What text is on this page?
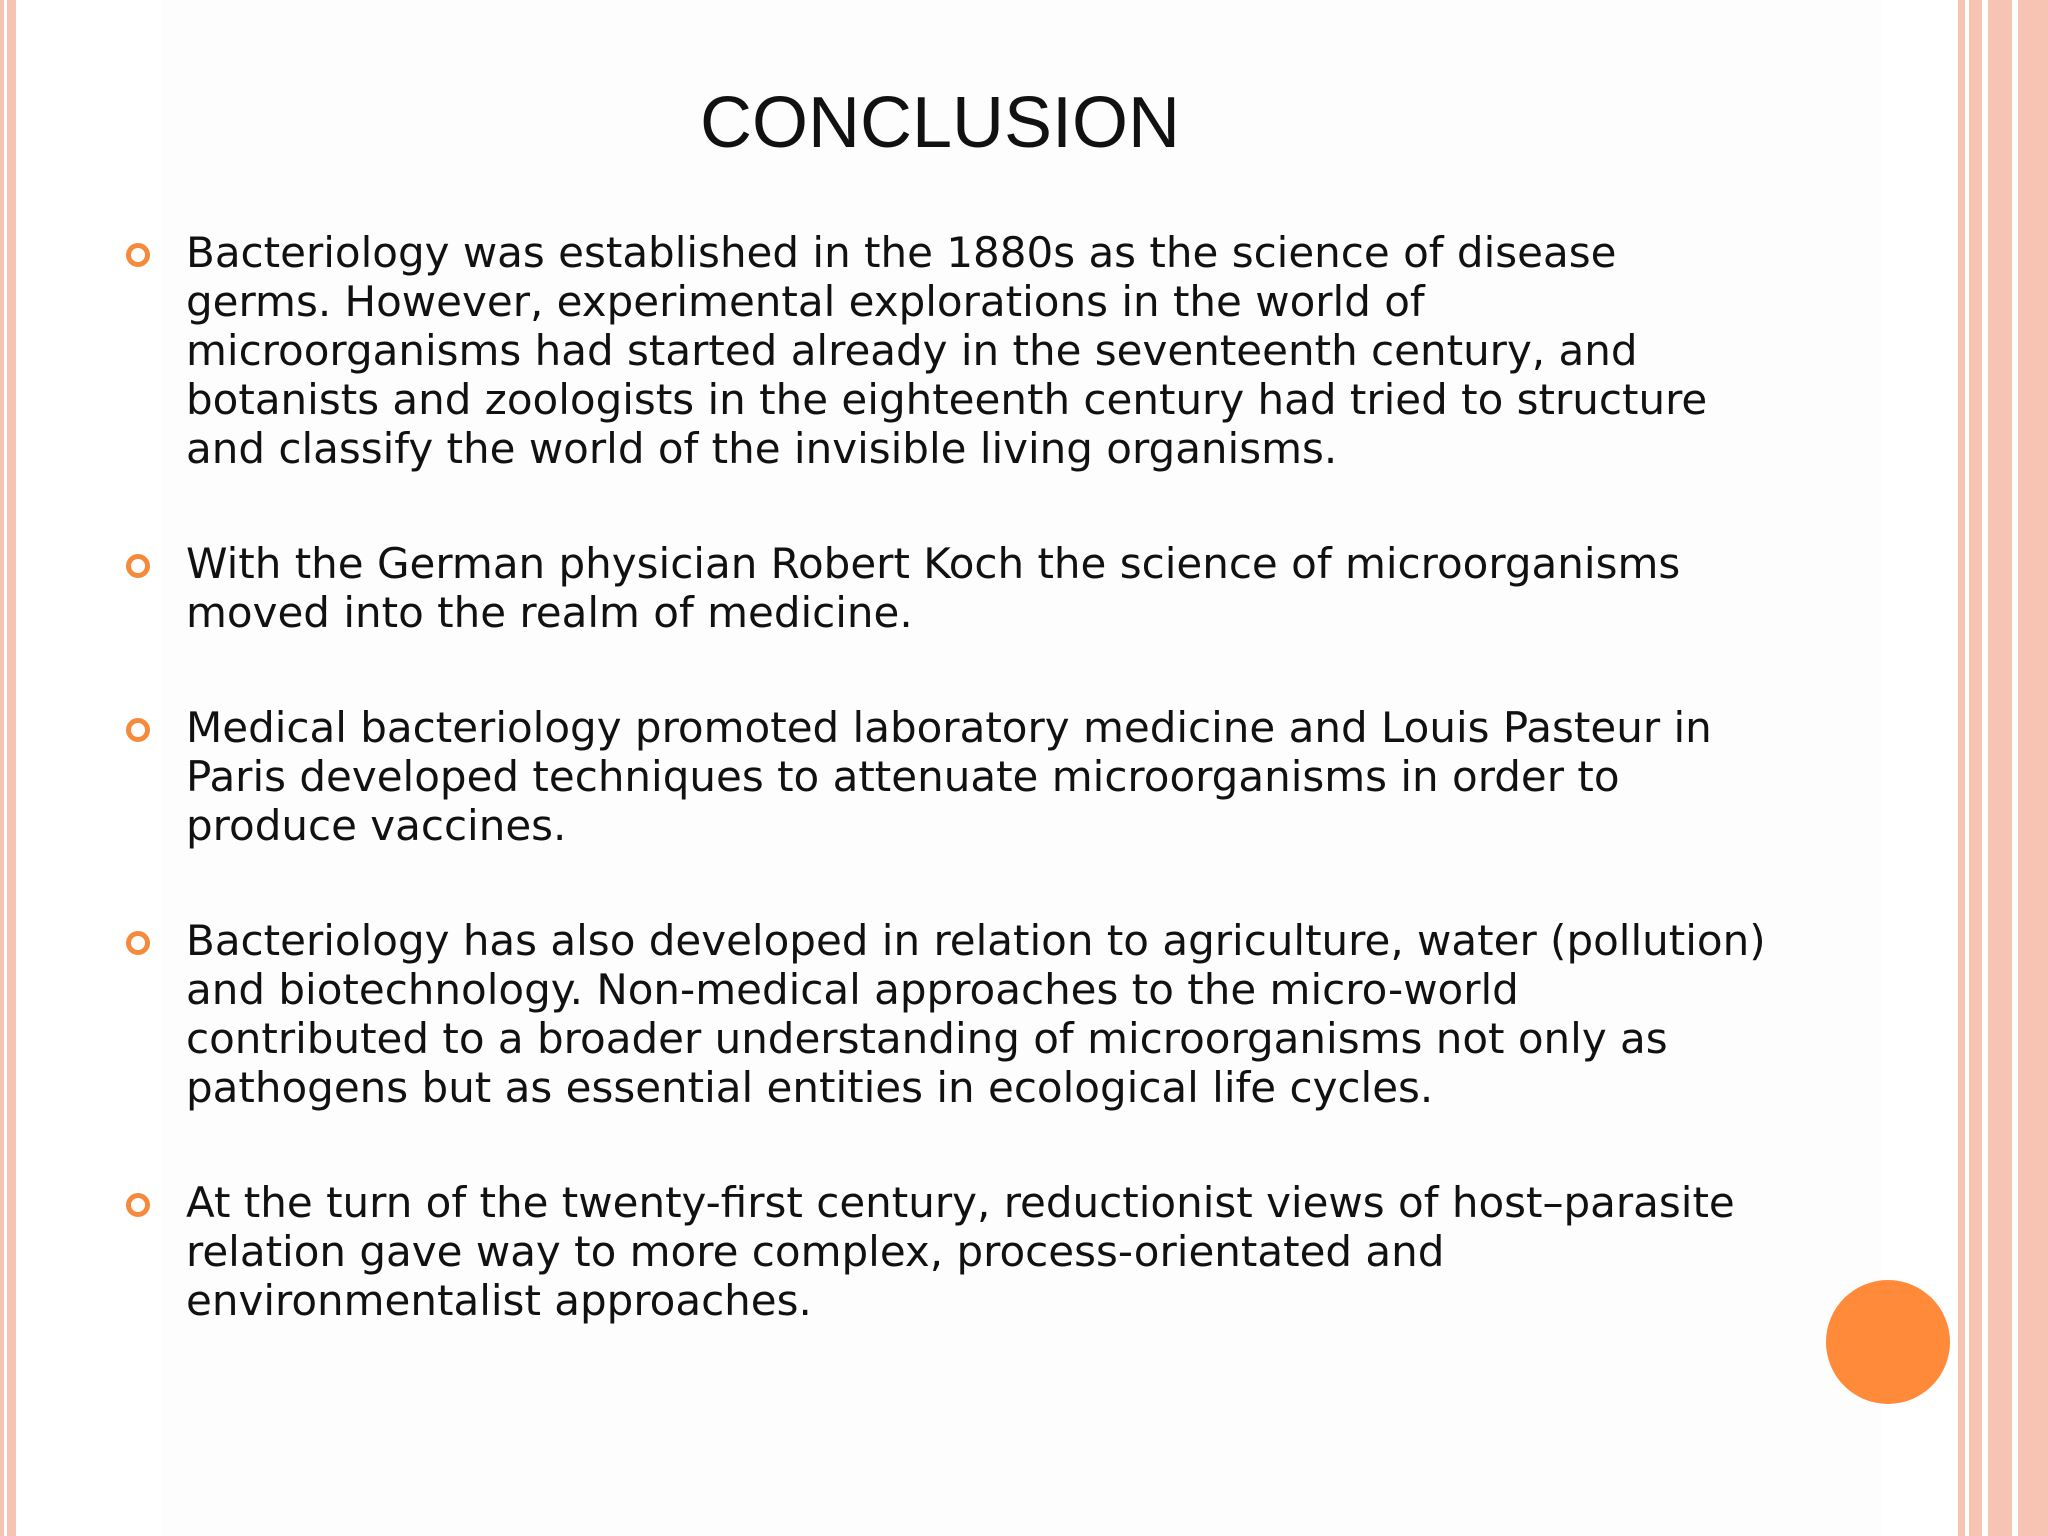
CONCLUSION
Bacteriology was established in the 1880s as the science of disease germs. However, experimental explorations in the world of microorganisms had started already in the seventeenth century, and botanists and zoologists in the eighteenth century had tried to structure and classify the world of the invisible living organisms.
With the German physician Robert Koch the science of microorganisms moved into the realm of medicine.
Medical bacteriology promoted laboratory medicine and Louis Pasteur in Paris developed techniques to attenuate microorganisms in order to produce vaccines.
Bacteriology has also developed in relation to agriculture, water (pollution) and biotechnology. Non-medical approaches to the micro-world contributed to a broader understanding of microorganisms not only as pathogens but as essential entities in ecological life cycles.
At the turn of the twenty-first century, reductionist views of host–parasite relation gave way to more complex, process-orientated and environmentalist approaches.
